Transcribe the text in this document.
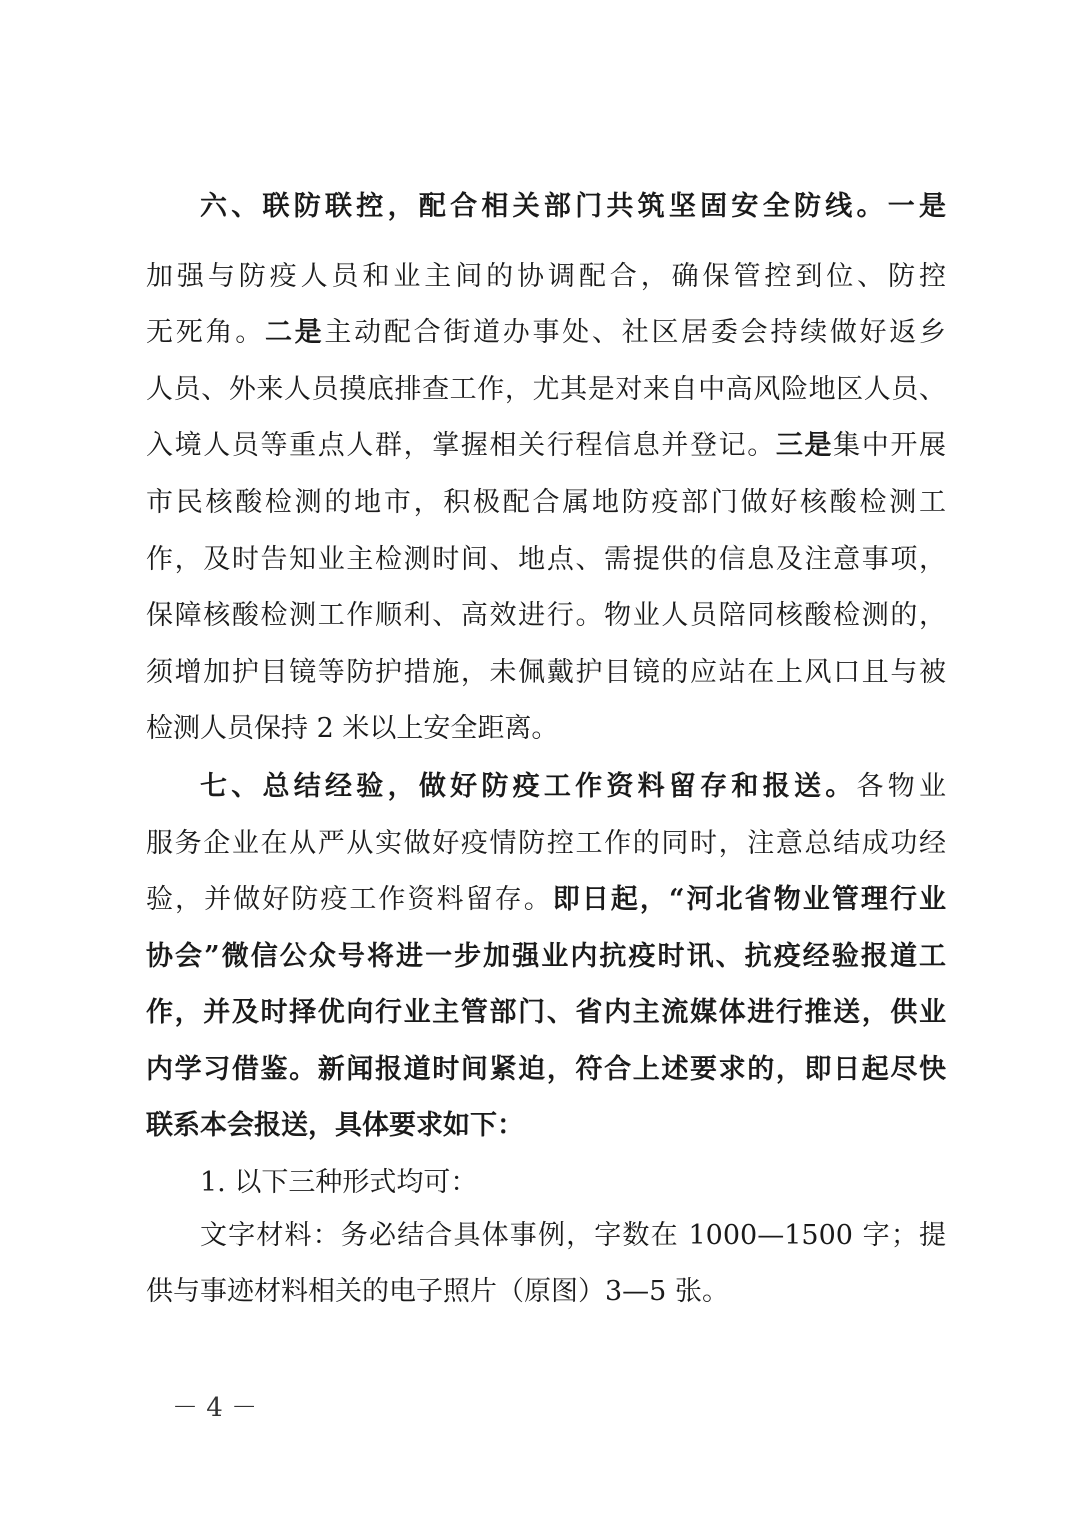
六、联防联控，配合相关部门共筑坚固安全防线。一是
加强与防疫人员和业主间的协调配合，确保管控到位、防控
无死角。二是主动配合街道办事处、社区居委会持续做好返乡
人员、外来人员摸底排查工作，尤其是对来自中高风险地区人员、
入境人员等重点人群，掌握相关行程信息并登记。三是集中开展
市民核酸检测的地市，积极配合属地防疫部门做好核酸检测工
作，及时告知业主检测时间、地点、需提供的信息及注意事项，
保障核酸检测工作顺利、高效进行。物业人员陪同核酸检测的，
须增加护目镜等防护措施，未佩戴护目镜的应站在上风口且与被
检测人员保持 2 米以上安全距离。
七、总结经验，做好防疫工作资料留存和报送。各物业
服务企业在从严从实做好疫情防控工作的同时，注意总结成功经
验，并做好防疫工作资料留存。即日起，“河北省物业管理行业
协会”微信公众号将进一步加强业内抗疫时讯、抗疫经验报道工
作，并及时择优向行业主管部门、省内主流媒体进行推送，供业
内学习借鉴。新闻报道时间紧迫，符合上述要求的，即日起尽快
联系本会报送，具体要求如下：
1. 以下三种形式均可：
文字材料：务必结合具体事例，字数在 1000—1500 字；提
供与事迹材料相关的电子照片（原图）3—5 张。
－ 4 －
